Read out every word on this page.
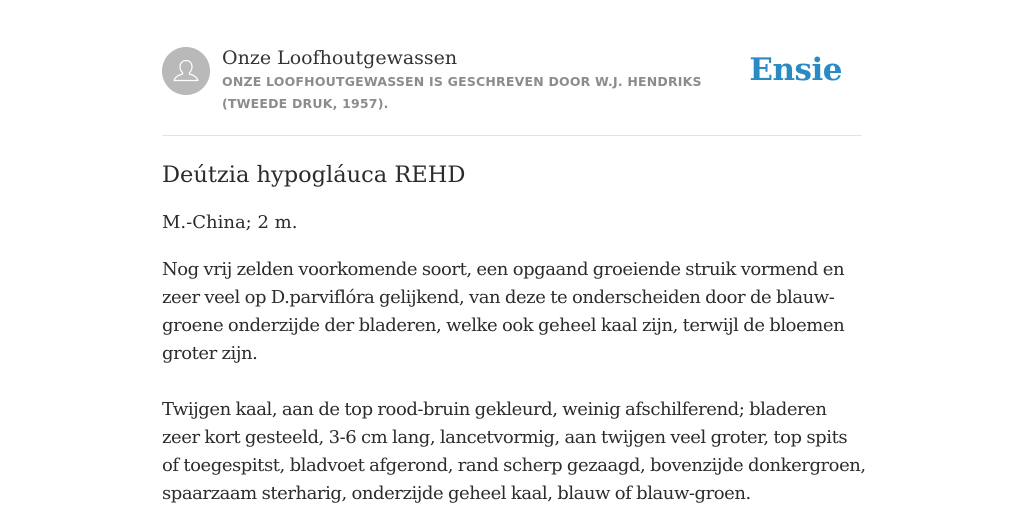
Onze Loofhoutgewassen
ONZE LOOFHOUTGEWASSEN IS GESCHREVEN DOOR W.J. HENDRIKS (TWEEDE DRUK, 1957).
Ensie
Deútzia hypogláuca REHD
M.-China; 2 m.
Nog vrij zelden voorkomende soort, een opgaand groeiende struik vormend en zeer veel op D.parviflóra gelijkend, van deze te onderscheiden door de blauw-groene onderzijde der bladeren, welke ook geheel kaal zijn, terwijl de bloemen groter zijn.
Twijgen kaal, aan de top rood-bruin gekleurd, weinig afschilferend; bladeren zeer kort gesteeld, 3-6 cm lang, lancetvormig, aan twijgen veel groter, top spits of toegespitst, bladvoet afgerond, rand scherp gezaagd, bovenzijde donkergroen, spaarzaam sterharig, onderzijde geheel kaal, blauw of blauw-groen.
